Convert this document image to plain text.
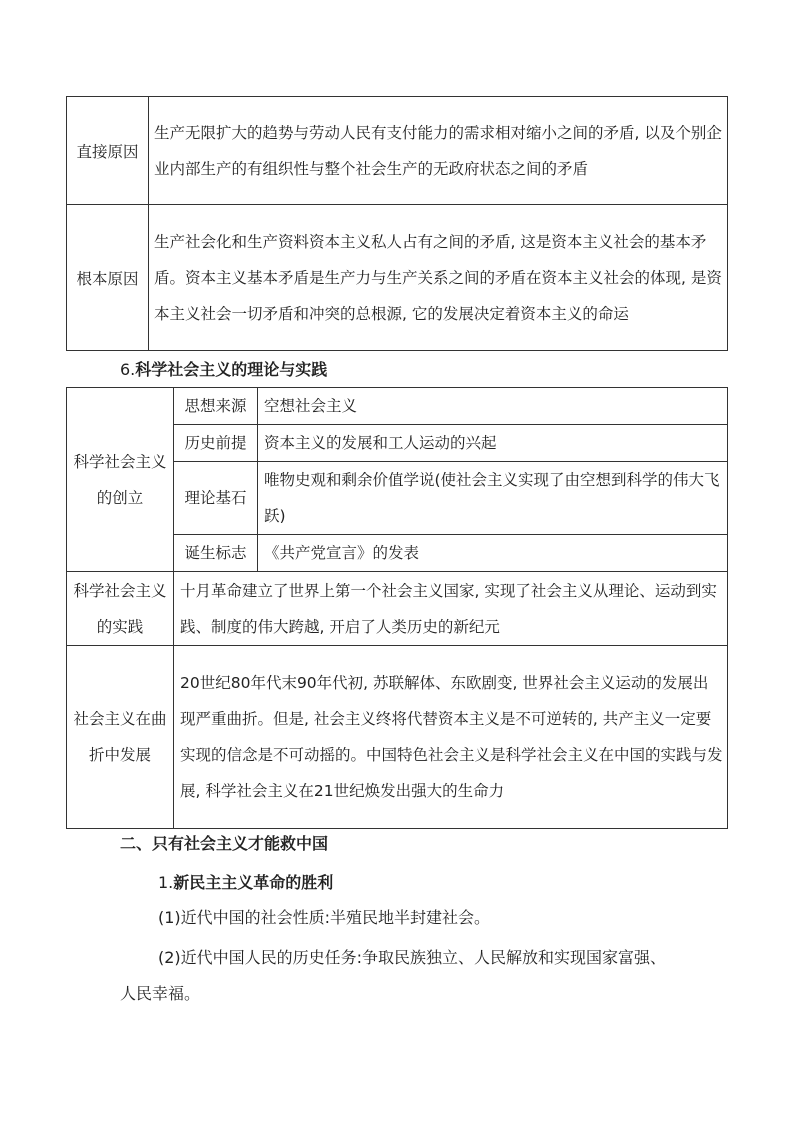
直接原因	生产无限扩大的趋势与劳动人民有支付能力的需求相对缩小之间的矛盾, 以及个别企业内部生产的有组织性与整个社会生产的无政府状态之间的矛盾
根本原因	生产社会化和生产资料资本主义私人占有之间的矛盾, 这是资本主义社会的基本矛盾。资本主义基本矛盾是生产力与生产关系之间的矛盾在资本主义社会的体现, 是资本主义社会一切矛盾和冲突的总根源, 它的发展决定着资本主义的命运
6.科学社会主义的理论与实践
科学社会主义的创立	思想来源	空想社会主义
	历史前提	资本主义的发展和工人运动的兴起
	理论基石	唯物史观和剩余价值学说(使社会主义实现了由空想到科学的伟大飞跃)
	诞生标志	《共产党宣言》的发表
科学社会主义的实践	十月革命建立了世界上第一个社会主义国家, 实现了社会主义从理论、运动到实践、制度的伟大跨越, 开启了人类历史的新纪元	
社会主义在曲折中发展	20世纪80年代末90年代初, 苏联解体、东欧剧变, 世界社会主义运动的发展出现严重曲折。但是, 社会主义终将代替资本主义是不可逆转的, 共产主义一定要实现的信念是不可动摇的。中国特色社会主义是科学社会主义在中国的实践与发展, 科学社会主义在21世纪焕发出强大的生命力	
二、只有社会主义才能救中国
1.新民主主义革命的胜利
(1)近代中国的社会性质:半殖民地半封建社会。
(2)近代中国人民的历史任务:争取民族独立、人民解放和实现国家富强、人民幸福。
